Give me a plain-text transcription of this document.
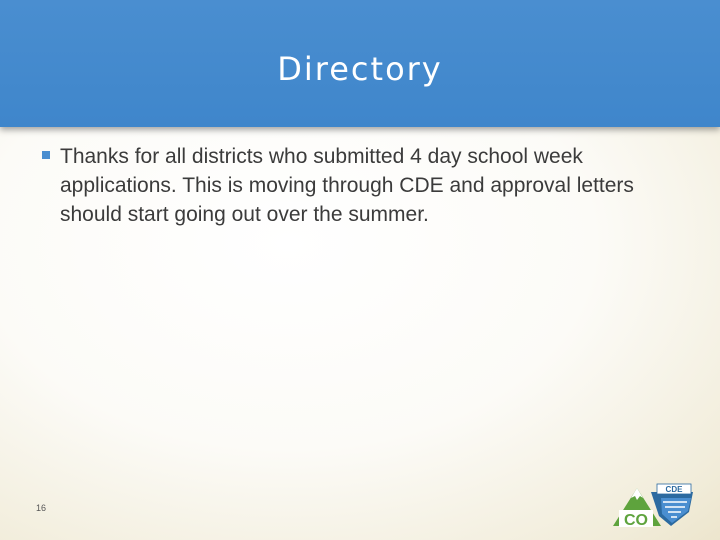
Directory
Thanks for all districts who submitted 4 day school week applications. This is moving through CDE and approval letters should start going out over the summer.
16
CDE
CO
